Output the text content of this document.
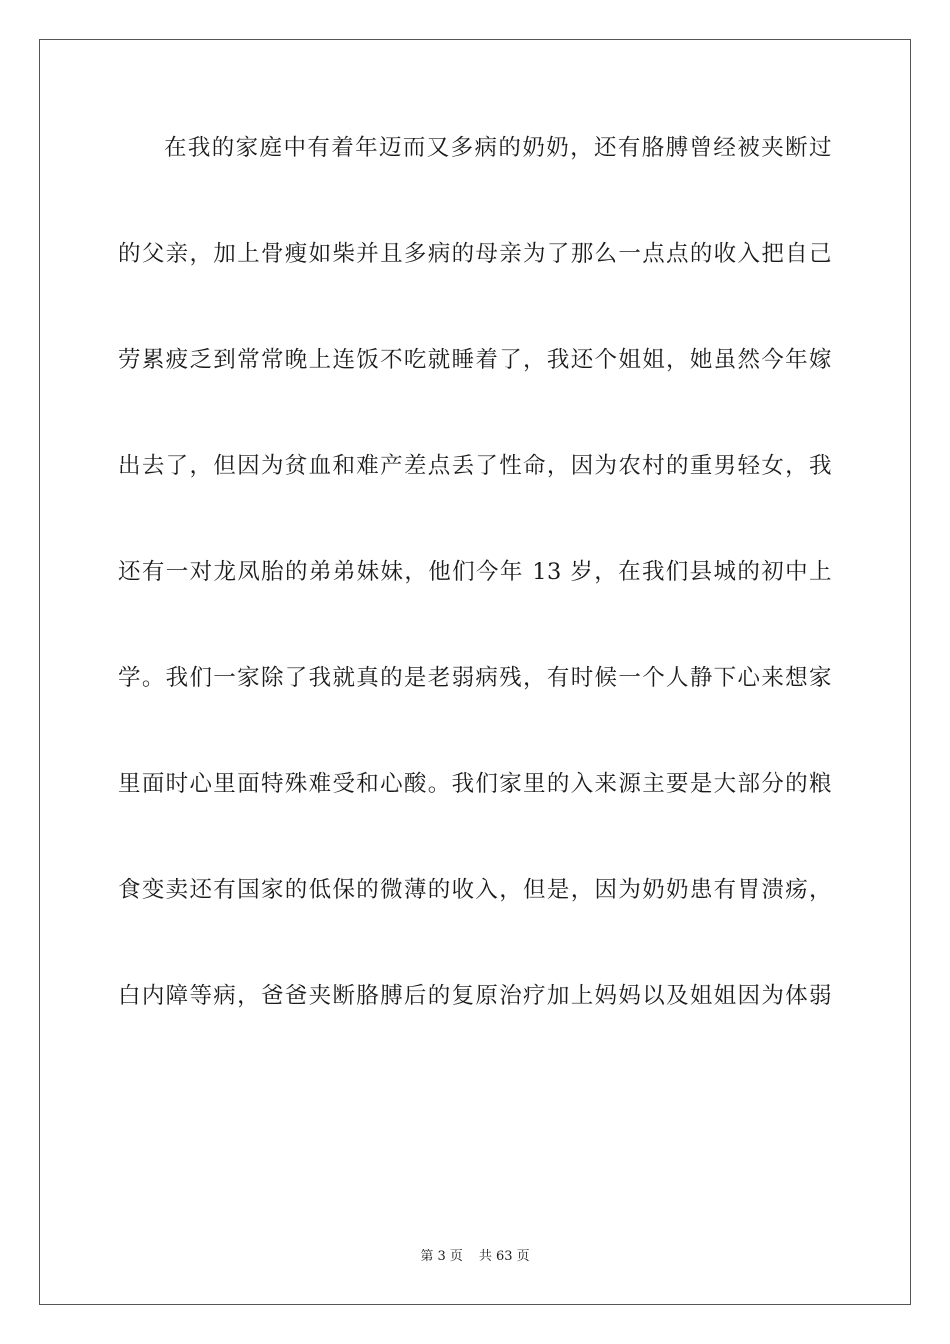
在我的家庭中有着年迈而又多病的奶奶，还有胳膊曾经被夹断过
的父亲，加上骨瘦如柴并且多病的母亲为了那么一点点的收入把自己
劳累疲乏到常常晚上连饭不吃就睡着了，我还个姐姐，她虽然今年嫁
出去了，但因为贫血和难产差点丢了性命，因为农村的重男轻女，我
还有一对龙凤胎的弟弟妹妹，他们今年 13 岁，在我们县城的初中上
学。我们一家除了我就真的是老弱病残，有时候一个人静下心来想家
里面时心里面特殊难受和心酸。我们家里的入来源主要是大部分的粮
食变卖还有国家的低保的微薄的收入，但是，因为奶奶患有胃溃疡，
白内障等病，爸爸夹断胳膊后的复原治疗加上妈妈以及姐姐因为体弱
第 3 页 共 63 页
